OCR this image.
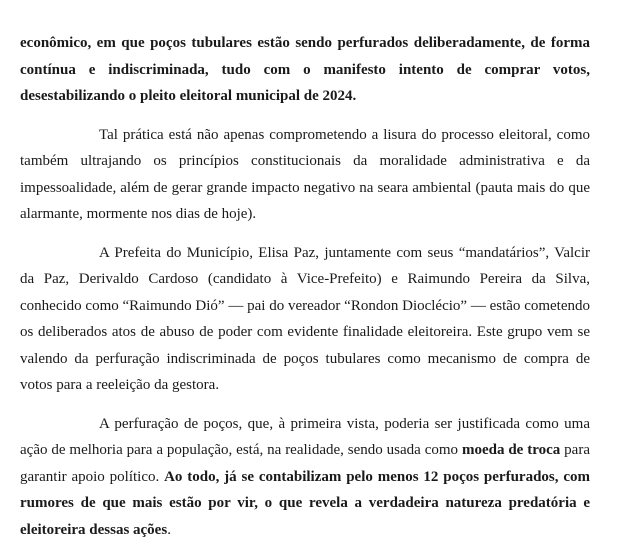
econômico, em que poços tubulares estão sendo perfurados deliberadamente, de forma contínua e indiscriminada, tudo com o manifesto intento de comprar votos, desestabilizando o pleito eleitoral municipal de 2024.

Tal prática está não apenas comprometendo a lisura do processo eleitoral, como também ultrajando os princípios constitucionais da moralidade administrativa e da impessoalidade, além de gerar grande impacto negativo na seara ambiental (pauta mais do que alarmante, mormente nos dias de hoje).

A Prefeita do Município, Elisa Paz, juntamente com seus “mandatários”, Valcir da Paz, Derivaldo Cardoso (candidato à Vice-Prefeito) e Raimundo Pereira da Silva, conhecido como “Raimundo Dió” — pai do vereador “Rondon Dioclécio” — estão cometendo os deliberados atos de abuso de poder com evidente finalidade eleitoreira. Este grupo vem se valendo da perfuração indiscriminada de poços tubulares como mecanismo de compra de votos para a reeleição da gestora.

A perfuração de poços, que, à primeira vista, poderia ser justificada como uma ação de melhoria para a população, está, na realidade, sendo usada como moeda de troca para garantir apoio político. Ao todo, já se contabilizam pelo menos 12 poços perfurados, com rumores de que mais estão por vir, o que revela a verdadeira natureza predatória e eleitoreira dessas ações.
